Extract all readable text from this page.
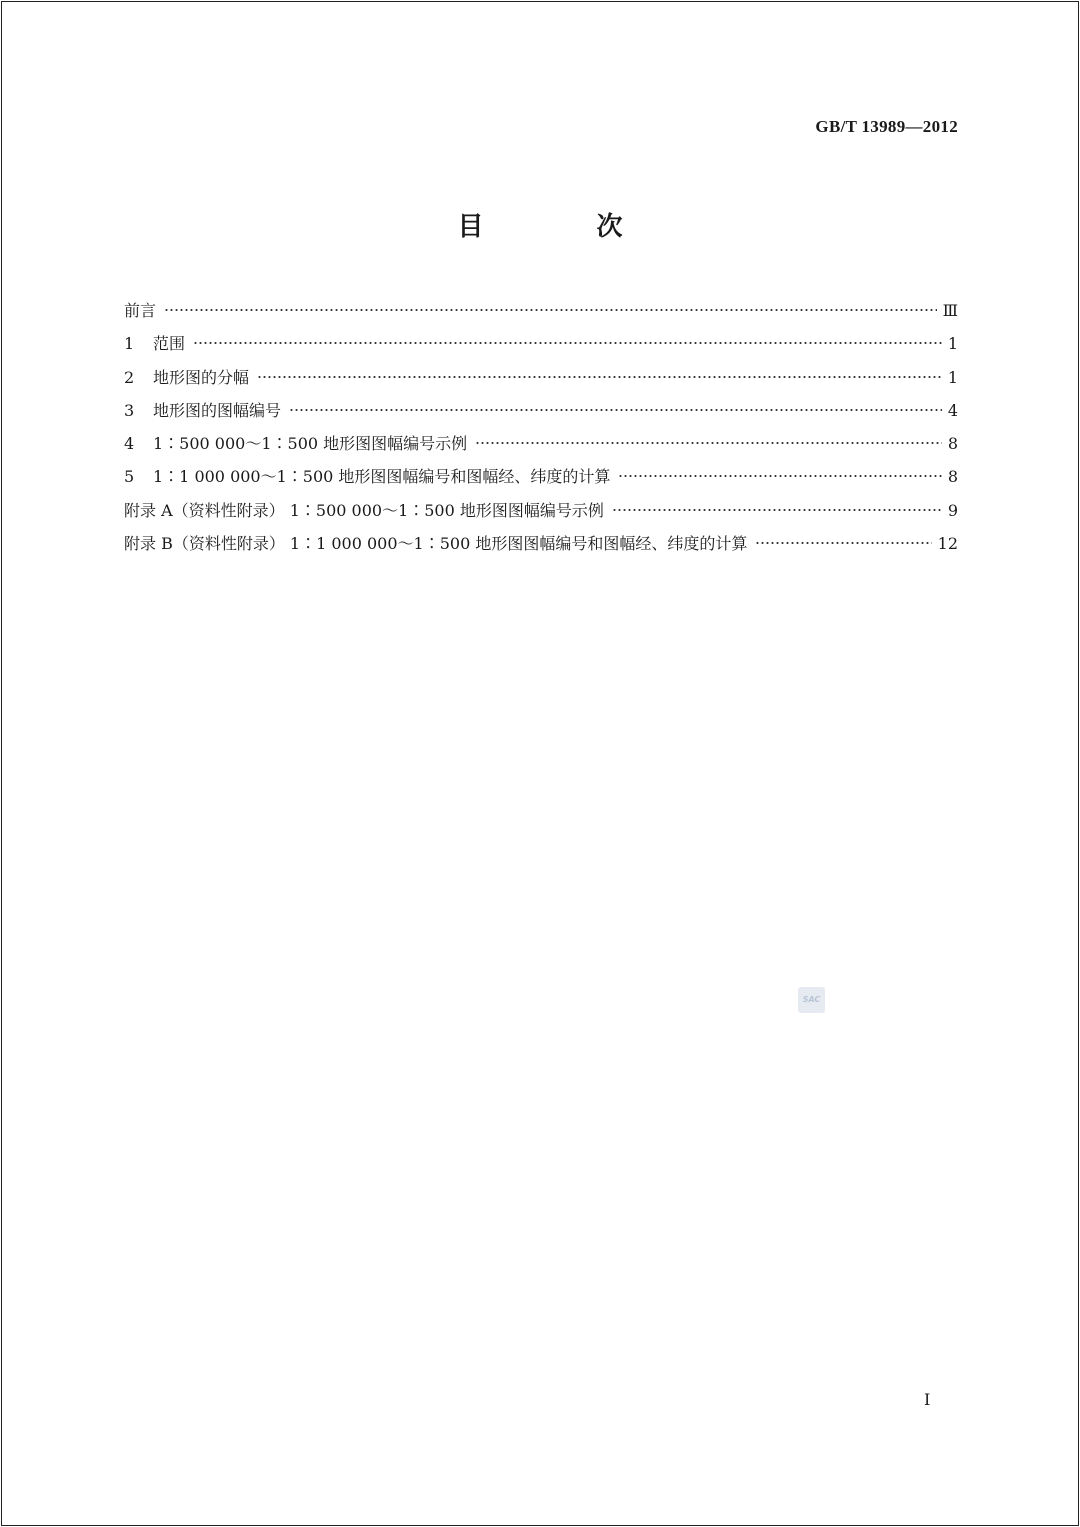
GB/T 13989—2012
目 次
前言	Ⅲ
1	范围	1
2	地形图的分幅	1
3	地形图的图幅编号	4
4	1∶500 000～1∶500 地形图图幅编号示例	8
5	1∶1 000 000～1∶500 地形图图幅编号和图幅经、纬度的计算	8
附录 A（资料性附录） 1∶500 000～1∶500 地形图图幅编号示例	9
附录 B（资料性附录） 1∶1 000 000～1∶500 地形图图幅编号和图幅经、纬度的计算	12
SAC
I
